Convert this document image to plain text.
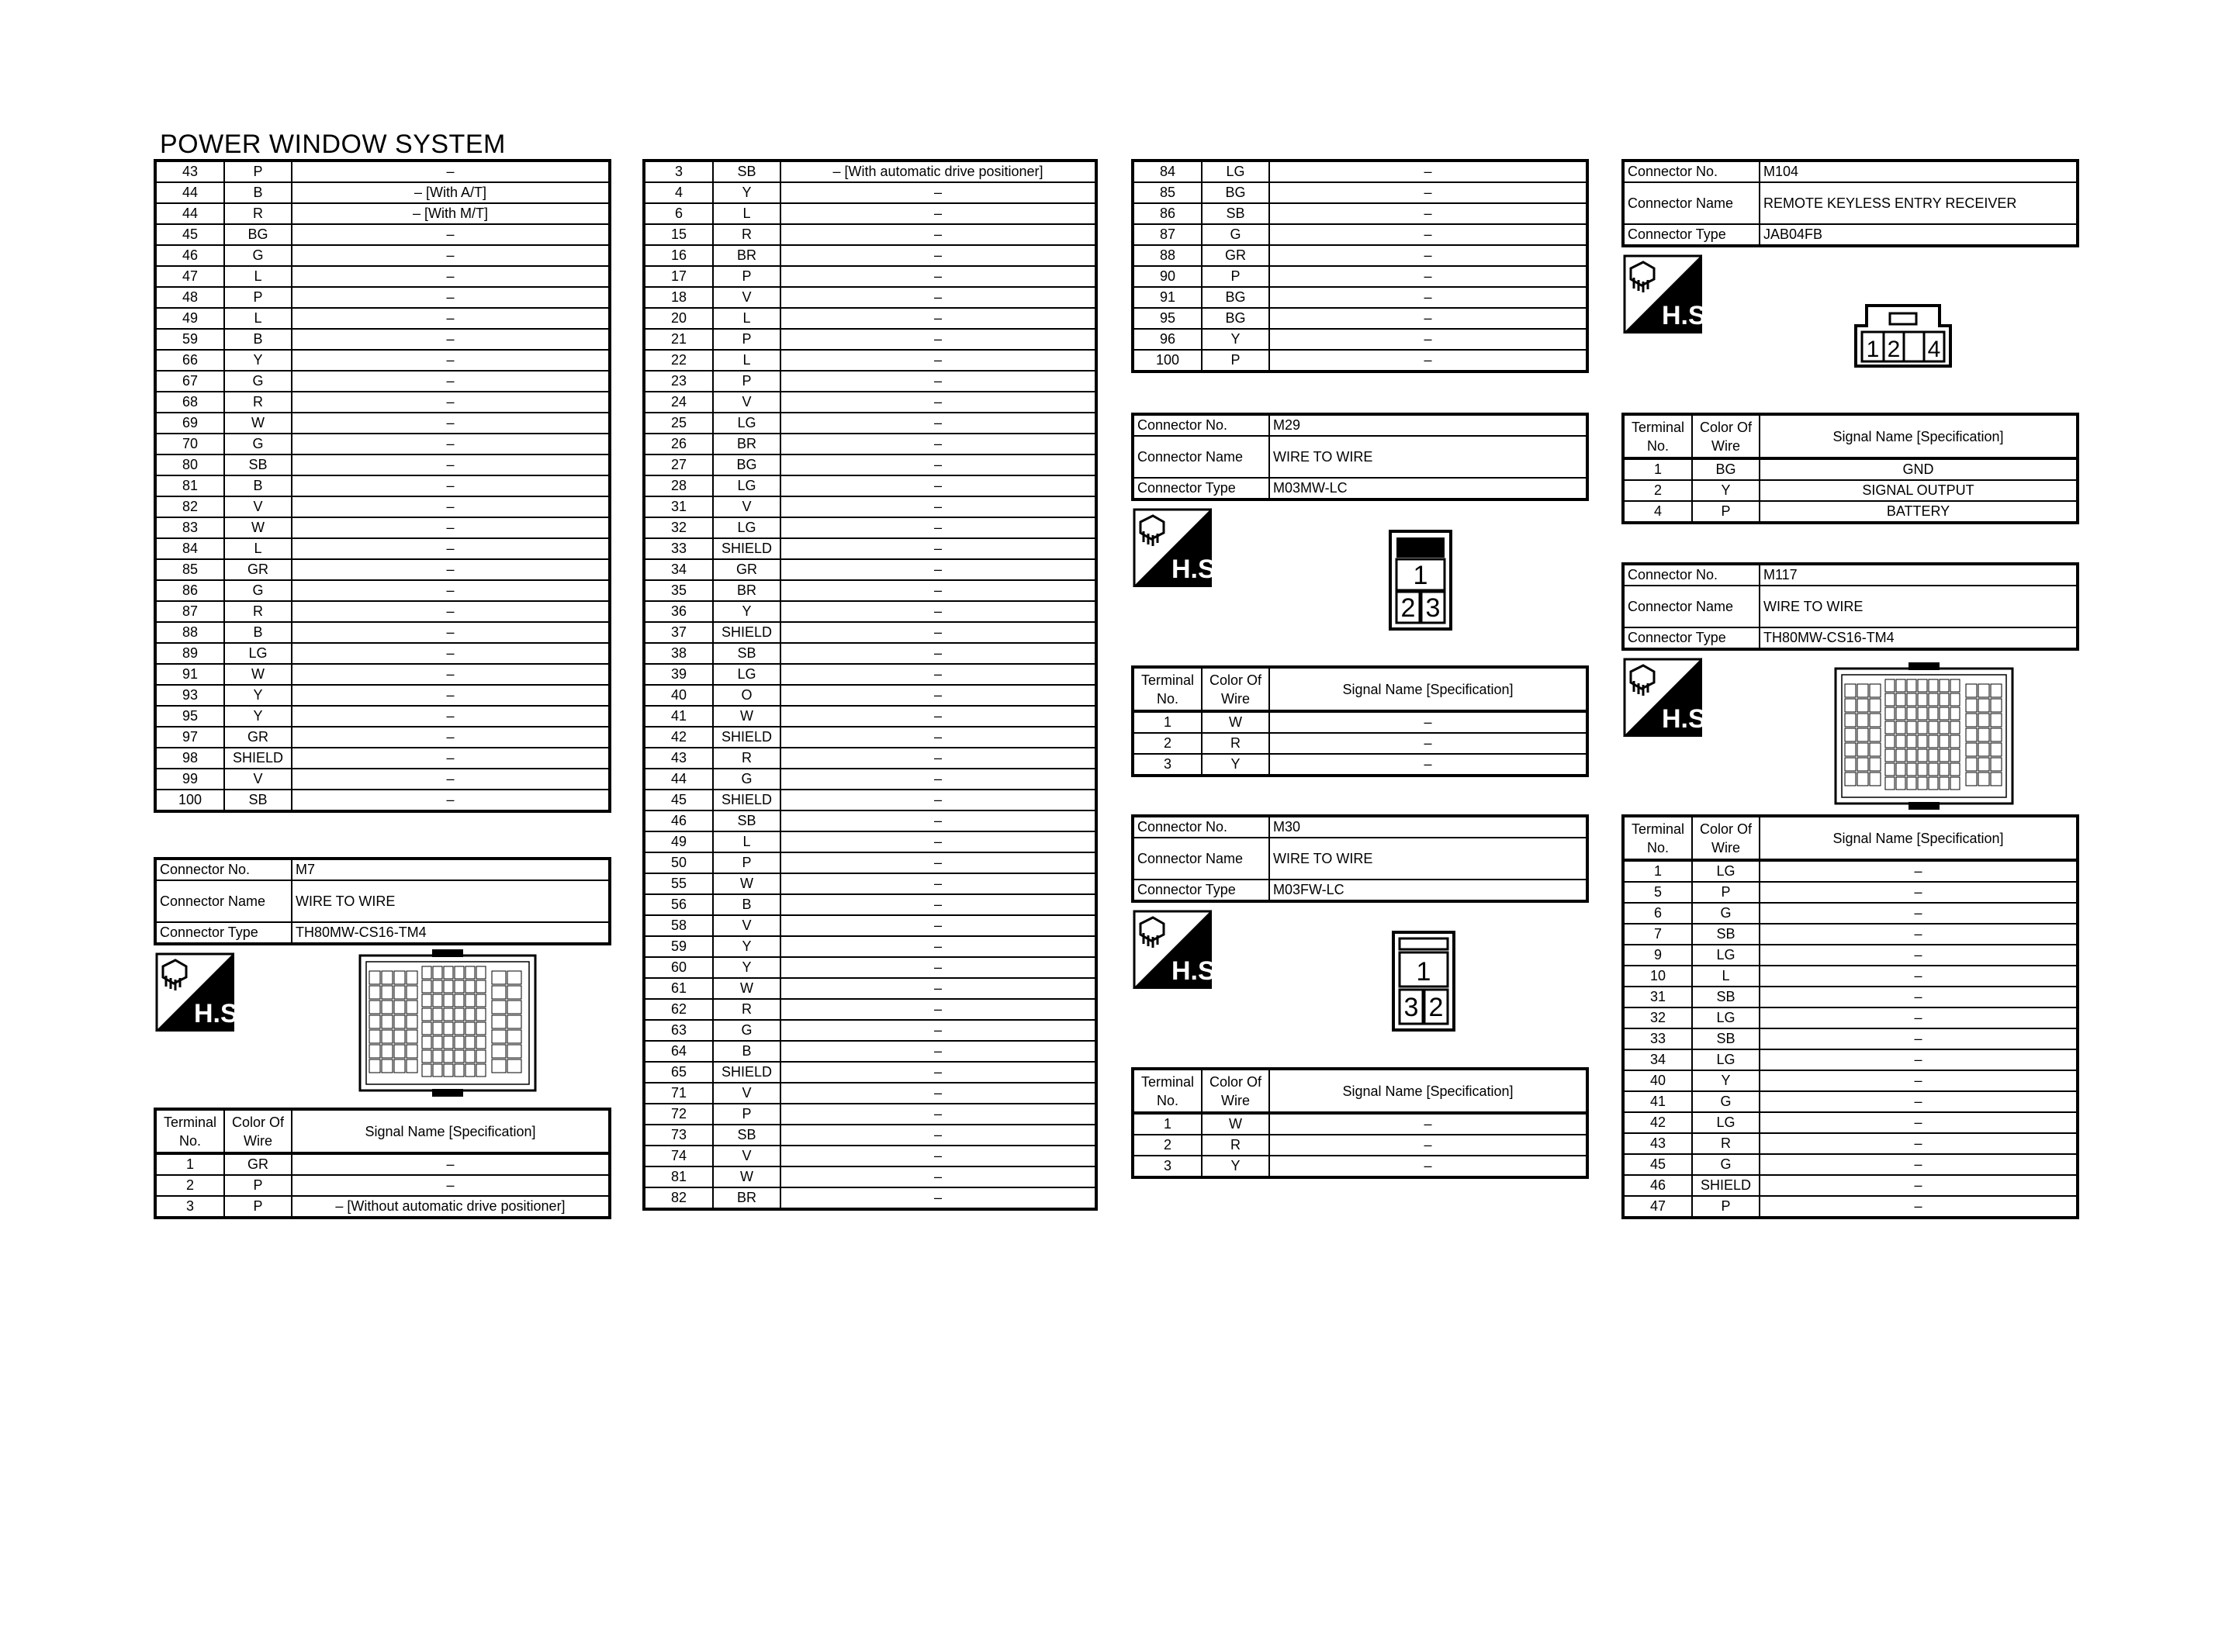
POWER WINDOW SYSTEM
43	P	–
44	B	– [With A/T]
44	R	– [With M/T]
45	BG	–
46	G	–
47	L	–
48	P	–
49	L	–
59	B	–
66	Y	–
67	G	–
68	R	–
69	W	–
70	G	–
80	SB	–
81	B	–
82	V	–
83	W	–
84	L	–
85	GR	–
86	G	–
87	R	–
88	B	–
89	LG	–
91	W	–
93	Y	–
95	Y	–
97	GR	–
98	SHIELD	–
99	V	–
100	SB	–
Connector No.	M7
Connector Name	WIRE TO WIRE
Connector Type	TH80MW-CS16-TM4
H.S.
Terminal No.	Color Of Wire	Signal Name [Specification]
1	GR	–
2	P	–
3	P	– [Without automatic drive positioner]
3	SB	– [With automatic drive positioner]
4	Y	–
6	L	–
15	R	–
16	BR	–
17	P	–
18	V	–
20	L	–
21	P	–
22	L	–
23	P	–
24	V	–
25	LG	–
26	BR	–
27	BG	–
28	LG	–
31	V	–
32	LG	–
33	SHIELD	–
34	GR	–
35	BR	–
36	Y	–
37	SHIELD	–
38	SB	–
39	LG	–
40	O	–
41	W	–
42	SHIELD	–
43	R	–
44	G	–
45	SHIELD	–
46	SB	–
49	L	–
50	P	–
55	W	–
56	B	–
58	V	–
59	Y	–
60	Y	–
61	W	–
62	R	–
63	G	–
64	B	–
65	SHIELD	–
71	V	–
72	P	–
73	SB	–
74	V	–
81	W	–
82	BR	–
84	LG	–
85	BG	–
86	SB	–
87	G	–
88	GR	–
90	P	–
91	BG	–
95	BG	–
96	Y	–
100	P	–
Connector No.	M29
Connector Name	WIRE TO WIRE
Connector Type	M03MW-LC
H.S.	1
2 3
Terminal No.	Color Of Wire	Signal Name [Specification]
1	W	–
2	R	–
3	Y	–
Connector No.	M30
Connector Name	WIRE TO WIRE
Connector Type	M03FW-LC
H.S.	1
3 2
Terminal No.	Color Of Wire	Signal Name [Specification]
1	W	–
2	R	–
3	Y	–
Connector No.	M104
Connector Name	REMOTE KEYLESS ENTRY RECEIVER
Connector Type	JAB04FB
H.S.
1 2 4
Terminal No.	Color Of Wire	Signal Name [Specification]
1	BG	GND
2	Y	SIGNAL OUTPUT
4	P	BATTERY
Connector No.	M117
Connector Name	WIRE TO WIRE
Connector Type	TH80MW-CS16-TM4
H.S.
Terminal No.	Color Of Wire	Signal Name [Specification]
1	LG	–
5	P	–
6	G	–
7	SB	–
9	LG	–
10	L	–
31	SB	–
32	LG	–
33	SB	–
34	LG	–
40	Y	–
41	G	–
42	LG	–
43	R	–
45	G	–
46	SHIELD	–
47	P	–
